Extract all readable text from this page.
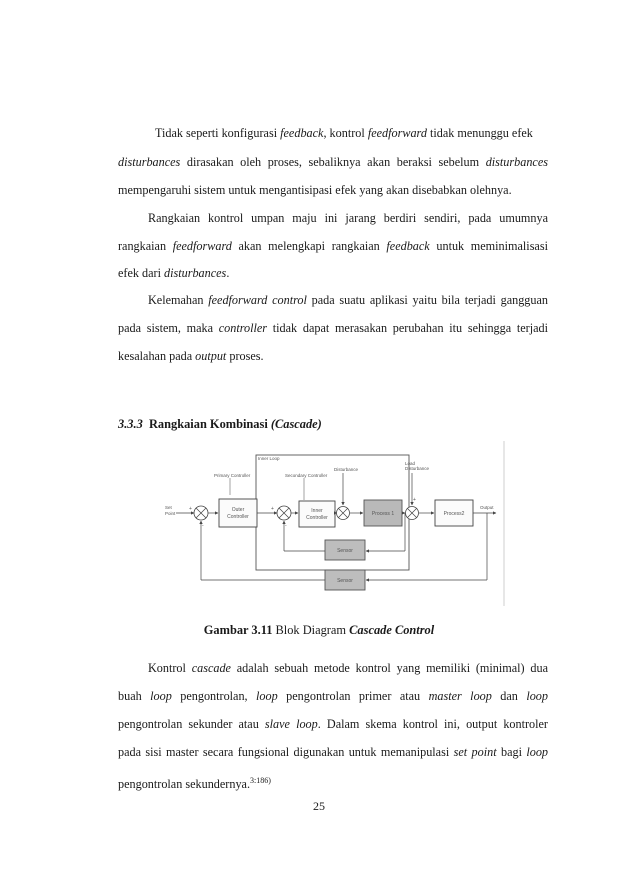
Tidak seperti konfigurasi feedback, kontrol feedforward tidak menunggu efek
disturbances dirasakan oleh proses, sebaliknya akan beraksi sebelum disturbances
mempengaruhi sistem untuk mengantisipasi efek yang akan disebabkan olehnya.
Rangkaian kontrol umpan maju ini jarang berdiri sendiri, pada umumnya
rangkaian feedforward akan melengkapi rangkaian feedback untuk meminimalisasi
efek dari disturbances.
Kelemahan feedforward control pada suatu aplikasi yaitu bila terjadi gangguan
pada sistem, maka controller tidak dapat merasakan perubahan itu sehingga terjadi
kesalahan pada output proses.
3.3.3 Rangkaian Kombinasi (Cascade)
Inner Loop
Primary Controller	Secondary Controller
Disturbance
Load
Disturbance
Set
Point
+
-
Outer
Controller
+
-
Inner
Controller
Process 1
+
Process2
Output
Sensor
Sensor
Gambar 3.11 Blok Diagram Cascade Control
Kontrol cascade adalah sebuah metode kontrol yang memiliki (minimal) dua
buah loop pengontrolan, loop pengontrolan primer atau master loop dan loop
pengontrolan sekunder atau slave loop. Dalam skema kontrol ini, output kontroler
pada sisi master secara fungsional digunakan untuk memanipulasi set point bagi loop
pengontrolan sekundernya.$^{3:186)}$
25
